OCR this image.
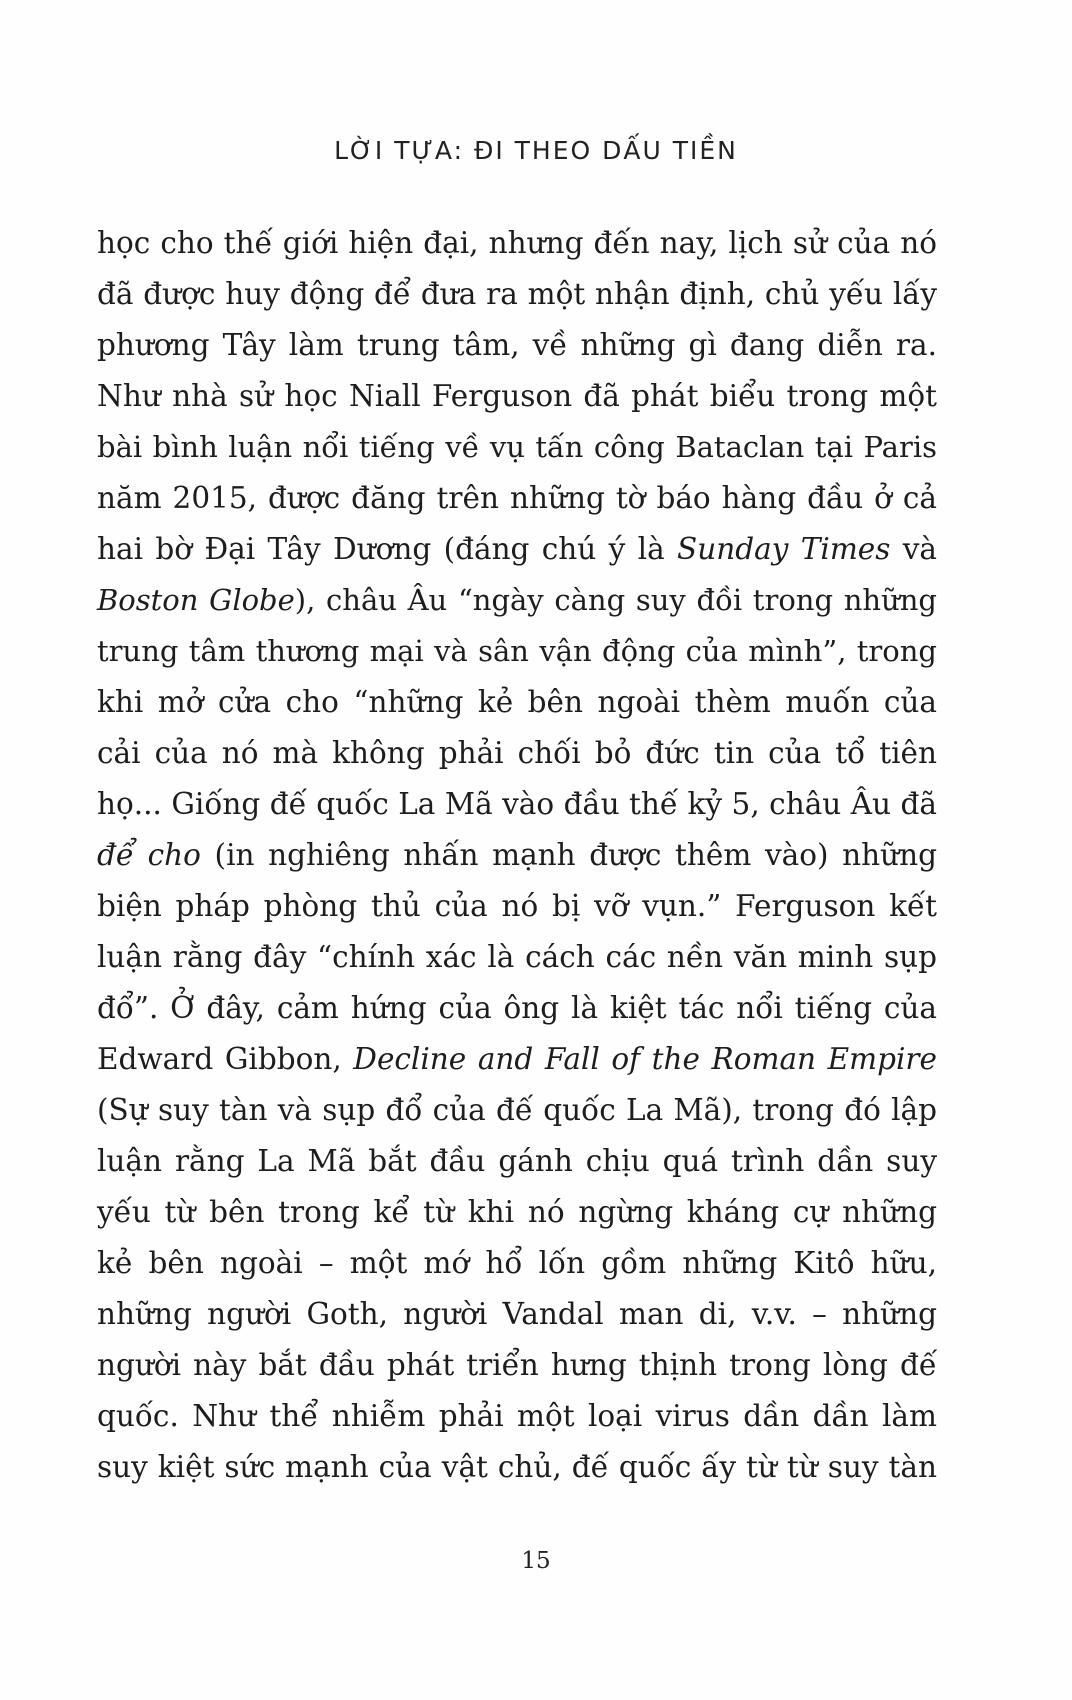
LỜI TỰA: ĐI THEO DẤU TIỀN
học cho thế giới hiện đại, nhưng đến nay, lịch sử của nó
đã được huy động để đưa ra một nhận định, chủ yếu lấy
phương Tây làm trung tâm, về những gì đang diễn ra.
Như nhà sử học Niall Ferguson đã phát biểu trong một
bài bình luận nổi tiếng về vụ tấn công Bataclan tại Paris
năm 2015, được đăng trên những tờ báo hàng đầu ở cả
hai bờ Đại Tây Dương (đáng chú ý là Sunday Times và
Boston Globe), châu Âu “ngày càng suy đồi trong những
trung tâm thương mại và sân vận động của mình”, trong
khi mở cửa cho “những kẻ bên ngoài thèm muốn của
cải của nó mà không phải chối bỏ đức tin của tổ tiên
họ... Giống đế quốc La Mã vào đầu thế kỷ 5, châu Âu đã
để cho (in nghiêng nhấn mạnh được thêm vào) những
biện pháp phòng thủ của nó bị vỡ vụn.” Ferguson kết
luận rằng đây “chính xác là cách các nền văn minh sụp
đổ”. Ở đây, cảm hứng của ông là kiệt tác nổi tiếng của
Edward Gibbon, Decline and Fall of the Roman Empire
(Sự suy tàn và sụp đổ của đế quốc La Mã), trong đó lập
luận rằng La Mã bắt đầu gánh chịu quá trình dần suy
yếu từ bên trong kể từ khi nó ngừng kháng cự những
kẻ bên ngoài – một mớ hổ lốn gồm những Kitô hữu,
những người Goth, người Vandal man di, v.v. – những
người này bắt đầu phát triển hưng thịnh trong lòng đế
quốc. Như thể nhiễm phải một loại virus dần dần làm
suy kiệt sức mạnh của vật chủ, đế quốc ấy từ từ suy tàn
15
